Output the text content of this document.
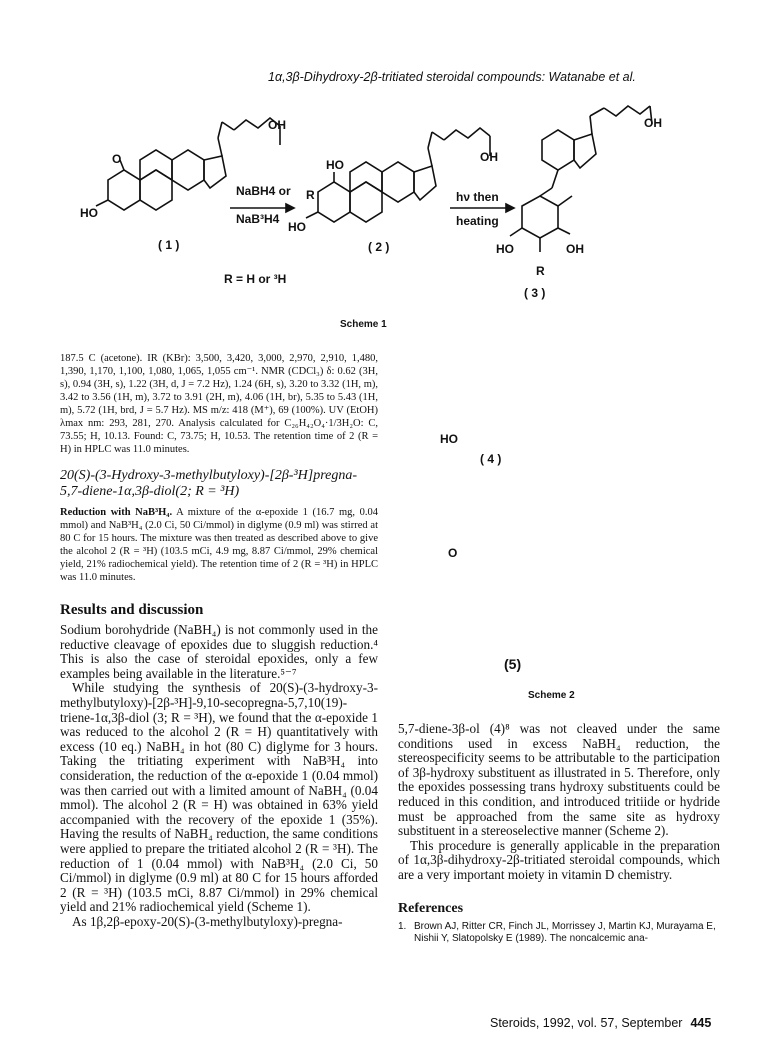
1α,3β-Dihydroxy-2β-tritiated steroidal compounds: Watanabe et al.
OH
HO
O
NaBH4 or
NaB³H4
( 1 )
R = H or ³H
OH
HO
R
HO
( 2 )
hν then
heating
OH
HO	OH
R
( 3 )
Scheme 1
HO
( 4 )
O
(5)
Scheme 2
187.5 C (acetone). IR (KBr): 3,500, 3,420, 3,000, 2,970, 2,910, 1,480, 1,390, 1,170, 1,100, 1,080, 1,065, 1,055 cm⁻¹. NMR (CDCl₃) δ: 0.62 (3H, s), 0.94 (3H, s), 1.22 (3H, d, J = 7.2 Hz), 1.24 (6H, s), 3.20 to 3.32 (1H, m), 3.42 to 3.56 (1H, m), 3.72 to 3.91 (2H, m), 4.06 (1H, br), 5.35 to 5.43 (1H, m), 5.72 (1H, brd, J = 5.7 Hz). MS m/z: 418 (M⁺), 69 (100%). UV (EtOH) λmax nm: 293, 281, 270. Analysis calculated for C₂₆H₄₂O₄·1/3H₂O: C, 73.55; H, 10.13. Found: C, 73.75; H, 10.53. The retention time of 2 (R = H) in HPLC was 11.0 minutes.
20(S)-(3-Hydroxy-3-methylbutyloxy)-[2β-³H]pregna-5,7-diene-1α,3β-diol(2; R = ³H)
Reduction with NaB³H₄. A mixture of the α-epoxide 1 (16.7 mg, 0.04 mmol) and NaB³H₄ (2.0 Ci, 50 Ci/mmol) in diglyme (0.9 ml) was stirred at 80 C for 15 hours. The mixture was then treated as described above to give the alcohol 2 (R = ³H) (103.5 mCi, 4.9 mg, 8.87 Ci/mmol, 29% chemical yield, 21% radiochemical yield). The retention time of 2 (R = ³H) in HPLC was 11.0 minutes.
Results and discussion
Sodium borohydride (NaBH₄) is not commonly used in the reductive cleavage of epoxides due to sluggish reduction.⁴ This is also the case of steroidal epoxides, only a few examples being available in the literature.⁵⁻⁷
While studying the synthesis of 20(S)-(3-hydroxy-3-methylbutyloxy)-[2β-³H]-9,10-secopregna-5,7,10(19)-triene-1α,3β-diol (3; R = ³H), we found that the α-epoxide 1 was reduced to the alcohol 2 (R = H) quantitatively with excess (10 eq.) NaBH₄ in hot (80 C) diglyme for 3 hours. Taking the tritiating experiment with NaB³H₄ into consideration, the reduction of the α-epoxide 1 (0.04 mmol) was then carried out with a limited amount of NaBH₄ (0.04 mmol). The alcohol 2 (R = H) was obtained in 63% yield accompanied with the recovery of the epoxide 1 (35%). Having the results of NaBH₄ reduction, the same conditions were applied to prepare the tritiated alcohol 2 (R = ³H). The reduction of 1 (0.04 mmol) with NaB³H₄ (2.0 Ci, 50 Ci/mmol) in diglyme (0.9 ml) at 80 C for 15 hours afforded 2 (R = ³H) (103.5 mCi, 8.87 Ci/mmol) in 29% chemical yield and 21% radiochemical yield (Scheme 1).
As 1β,2β-epoxy-20(S)-(3-methylbutyloxy)-pregna-
5,7-diene-3β-ol (4)⁸ was not cleaved under the same conditions used in excess NaBH₄ reduction, the stereospecificity seems to be attributable to the participation of 3β-hydroxy substituent as illustrated in 5. Therefore, only the epoxides possessing trans hydroxy substituents could be reduced in this condition, and introduced tritiide or hydride must be approached from the same site as hydroxy substituent in a stereoselective manner (Scheme 2).
This procedure is generally applicable in the preparation of 1α,3β-dihydroxy-2β-tritiated steroidal compounds, which are a very important moiety in vitamin D chemistry.
References
1. Brown AJ, Ritter CR, Finch JL, Morrissey J, Martin KJ, Murayama E, Nishii Y, Slatopolsky E (1989). The noncalcemic ana-
Steroids, 1992, vol. 57, September 445
